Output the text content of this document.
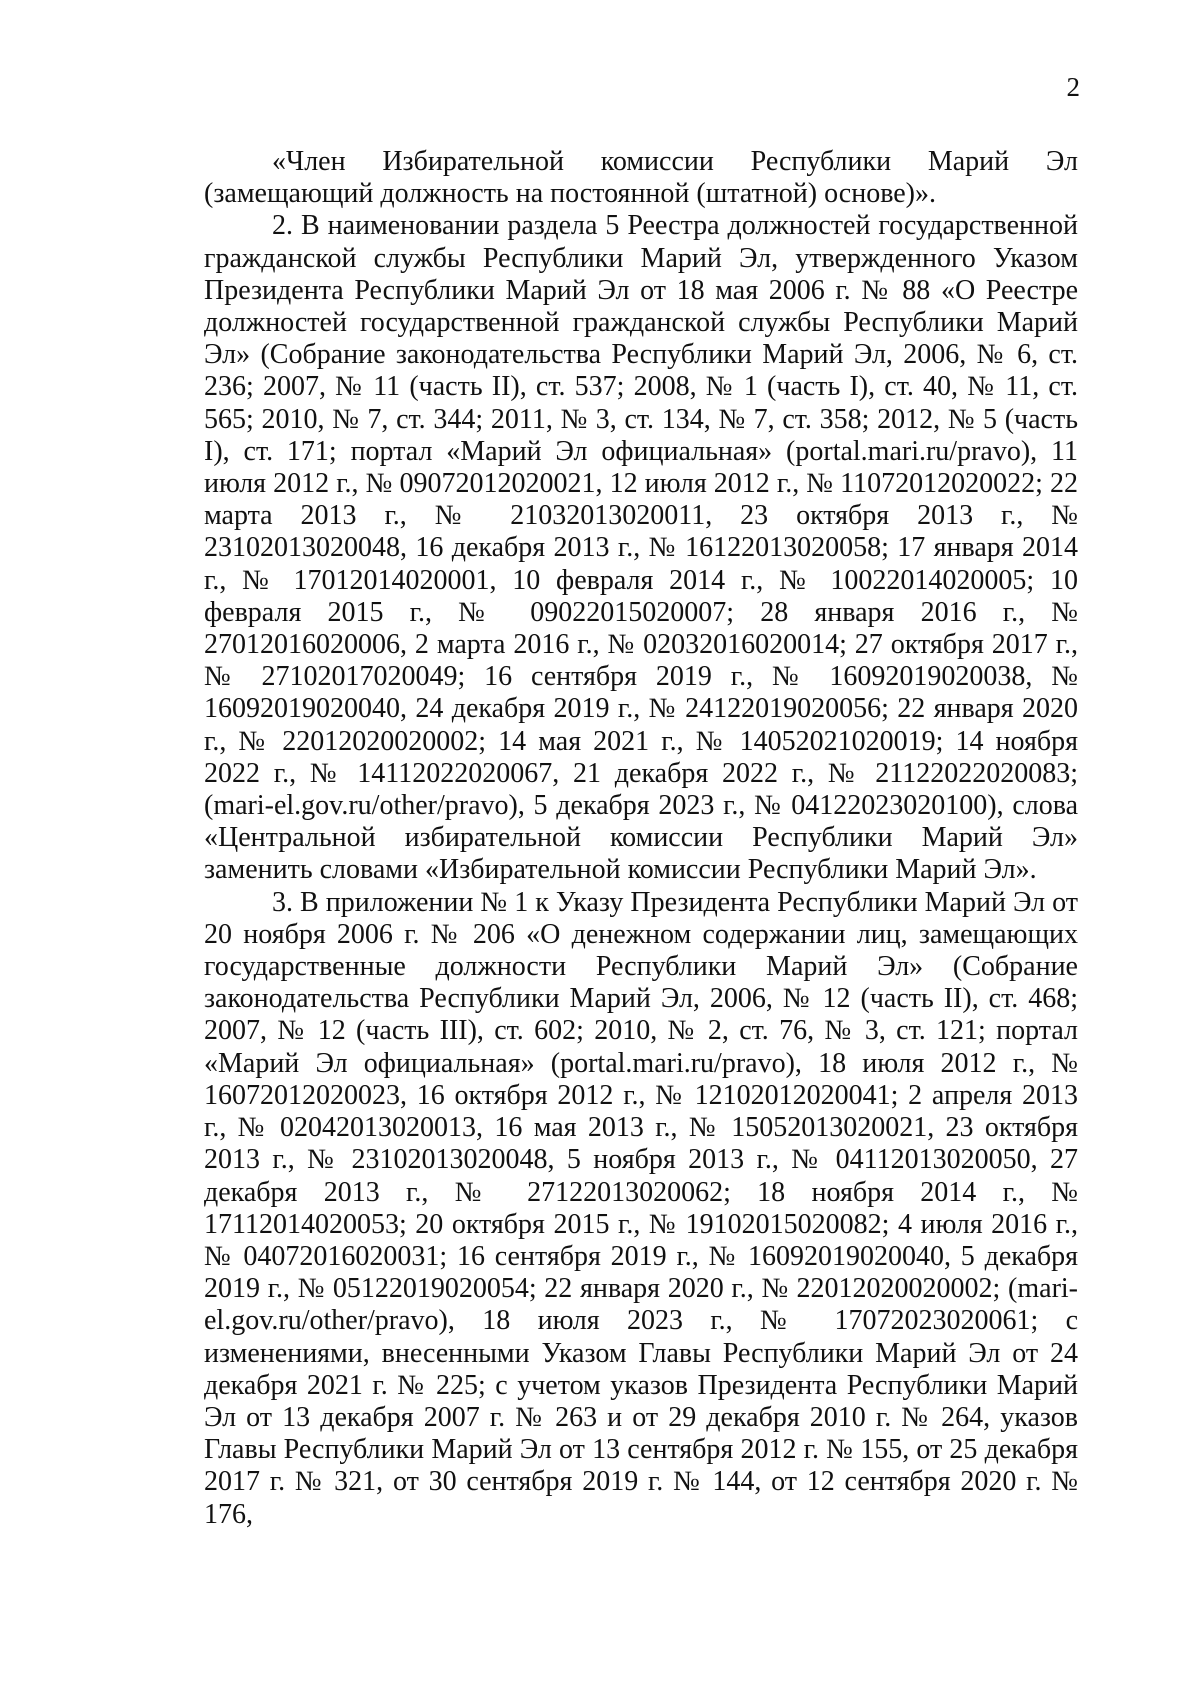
2

«Член Избирательной комиссии Республики Марий Эл (замещающий должность на постоянной (штатной) основе)».

2. В наименовании раздела 5 Реестра должностей государственной гражданской службы Республики Марий Эл, утвержденного Указом Президента Республики Марий Эл от 18 мая 2006 г. № 88 «О Реестре должностей государственной гражданской службы Республики Марий Эл» (Собрание законодательства Республики Марий Эл, 2006, № 6, ст. 236; 2007, № 11 (часть II), ст. 537; 2008, № 1 (часть I), ст. 40, № 11, ст. 565; 2010, № 7, ст. 344; 2011, № 3, ст. 134, № 7, ст. 358; 2012, № 5 (часть I), ст. 171; портал «Марий Эл официальная» (portal.mari.ru/pravo), 11 июля 2012 г., № 09072012020021, 12 июля 2012 г., № 11072012020022; 22 марта 2013 г., № 21032013020011, 23 октября 2013 г., № 23102013020048, 16 декабря 2013 г., № 16122013020058; 17 января 2014 г., № 17012014020001, 10 февраля 2014 г., № 10022014020005; 10 февраля 2015 г., № 09022015020007; 28 января 2016 г., № 27012016020006, 2 марта 2016 г., № 02032016020014; 27 октября 2017 г., № 27102017020049; 16 сентября 2019 г., № 16092019020038, № 16092019020040, 24 декабря 2019 г., № 24122019020056; 22 января 2020 г., № 22012020020002; 14 мая 2021 г., № 14052021020019; 14 ноября 2022 г., № 14112022020067, 21 декабря 2022 г., № 21122022020083; (mari-el.gov.ru/other/pravo), 5 декабря 2023 г., № 04122023020100), слова «Центральной избирательной комиссии Республики Марий Эл» заменить словами «Избирательной комиссии Республики Марий Эл».

3. В приложении № 1 к Указу Президента Республики Марий Эл от 20 ноября 2006 г. № 206 «О денежном содержании лиц, замещающих государственные должности Республики Марий Эл» (Собрание законодательства Республики Марий Эл, 2006, № 12 (часть II), ст. 468; 2007, № 12 (часть III), ст. 602; 2010, № 2, ст. 76, № 3, ст. 121; портал «Марий Эл официальная» (portal.mari.ru/pravo), 18 июля 2012 г., № 16072012020023, 16 октября 2012 г., № 12102012020041; 2 апреля 2013 г., № 02042013020013, 16 мая 2013 г., № 15052013020021, 23 октября 2013 г., № 23102013020048, 5 ноября 2013 г., № 04112013020050, 27 декабря 2013 г., № 27122013020062; 18 ноября 2014 г., № 17112014020053; 20 октября 2015 г., № 19102015020082; 4 июля 2016 г., № 04072016020031; 16 сентября 2019 г., № 16092019020040, 5 декабря 2019 г., № 05122019020054; 22 января 2020 г., № 22012020020002; (mari-el.gov.ru/other/pravo), 18 июля 2023 г., № 17072023020061; с изменениями, внесенными Указом Главы Республики Марий Эл от 24 декабря 2021 г. № 225; с учетом указов Президента Республики Марий Эл от 13 декабря 2007 г. № 263 и от 29 декабря 2010 г. № 264, указов Главы Республики Марий Эл от 13 сентября 2012 г. № 155, от 25 декабря 2017 г. № 321, от 30 сентября 2019 г. № 144, от 12 сентября 2020 г. № 176,
